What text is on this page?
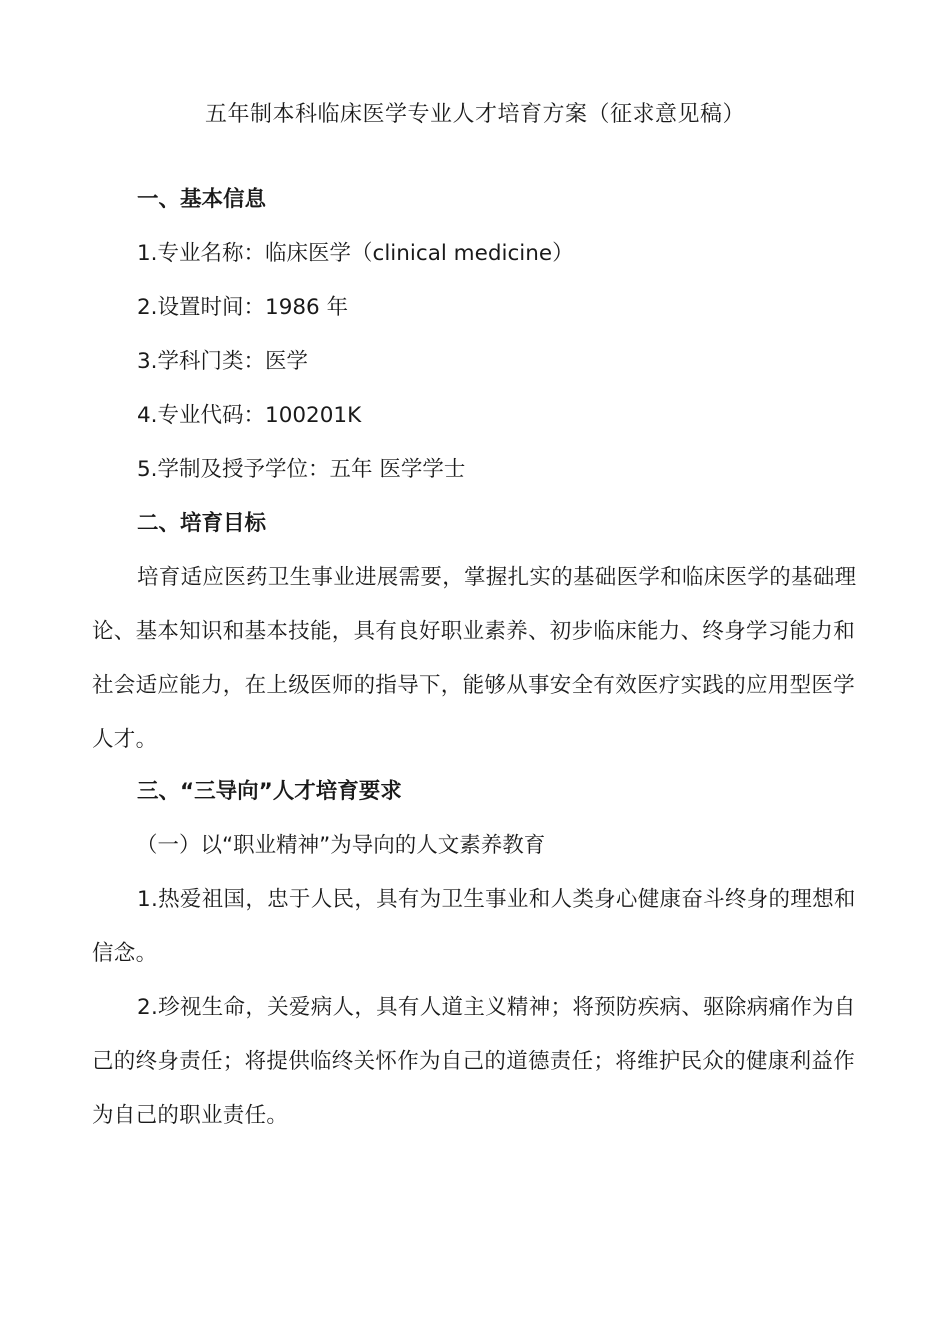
五年制本科临床医学专业人才培育方案（征求意见稿）
一、基本信息
1.专业名称：临床医学（clinical medicine）
2.设置时间：1986 年
3.学科门类：医学
4.专业代码：100201K
5.学制及授予学位：五年 医学学士
二、培育目标
培育适应医药卫生事业进展需要，掌握扎实的基础医学和临床医学的基础理论、基本知识和基本技能，具有良好职业素养、初步临床能力、终身学习能力和社会适应能力，在上级医师的指导下，能够从事安全有效医疗实践的应用型医学人才。
三、“三导向”人才培育要求
（一）以“职业精神”为导向的人文素养教育
1.热爱祖国，忠于人民，具有为卫生事业和人类身心健康奋斗终身的理想和信念。
2.珍视生命，关爱病人，具有人道主义精神；将预防疾病、驱除病痛作为自己的终身责任；将提供临终关怀作为自己的道德责任；将维护民众的健康利益作为自己的职业责任。
